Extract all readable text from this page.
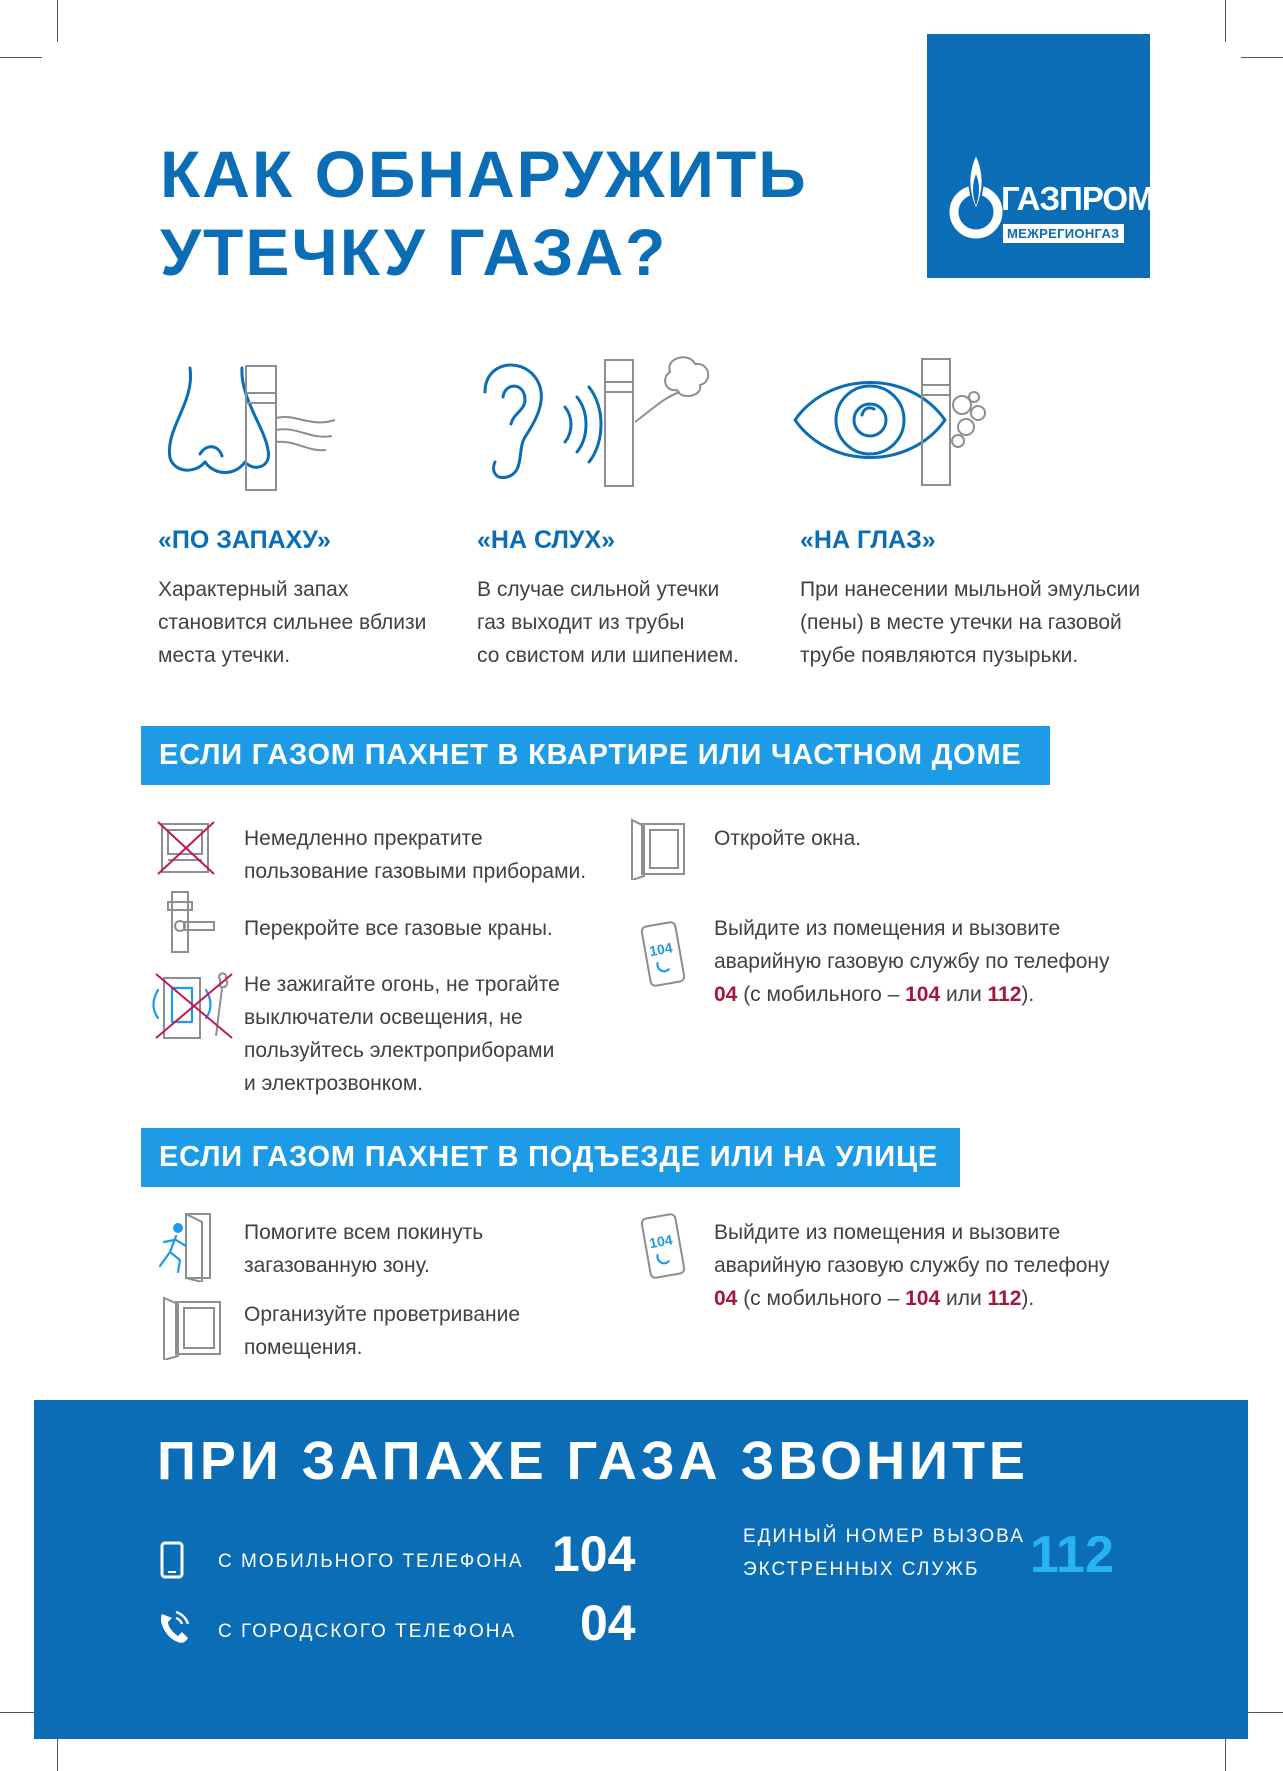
ГАЗПРОМ
МЕЖРЕГИОНГАЗ
КАК ОБНАРУЖИТЬ
УТЕЧКУ ГАЗА?
«ПО ЗАПАХУ»
Характерный запах
становится сильнее вблизи
места утечки.
«НА СЛУХ»
В случае сильной утечки
газ выходит из трубы
со свистом или шипением.
«НА ГЛАЗ»
При нанесении мыльной эмульсии
(пены) в месте утечки на газовой
трубе появляются пузырьки.
ЕСЛИ ГАЗОМ ПАХНЕТ В КВАРТИРЕ ИЛИ ЧАСТНОМ ДОМЕ
Немедленно прекратите
пользование газовыми приборами.
Перекройте все газовые краны.
Не зажигайте огонь, не трогайте
выключатели освещения, не
пользуйтесь электроприборами
и электрозвонком.
Откройте окна.
104
Выйдите из помещения и вызовите
аварийную газовую службу по телефону
04 (с мобильного – 104 или 112).
ЕСЛИ ГАЗОМ ПАХНЕТ В ПОДЪЕЗДЕ ИЛИ НА УЛИЦЕ
Помогите всем покинуть
загазованную зону.
Организуйте проветривание
помещения.
104 Выйдите из помещения и вызовите
аварийную газовую службу по телефону
04 (с мобильного – 104 или 112).
ПРИ ЗАПАХЕ ГАЗА ЗВОНИТЕ
С МОБИЛЬНОГО ТЕЛЕФОНА 104
С ГОРОДСКОГО ТЕЛЕФОНА 04
ЕДИНЫЙ НОМЕР ВЫЗОВА
ЭКСТРЕННЫХ СЛУЖБ 112
